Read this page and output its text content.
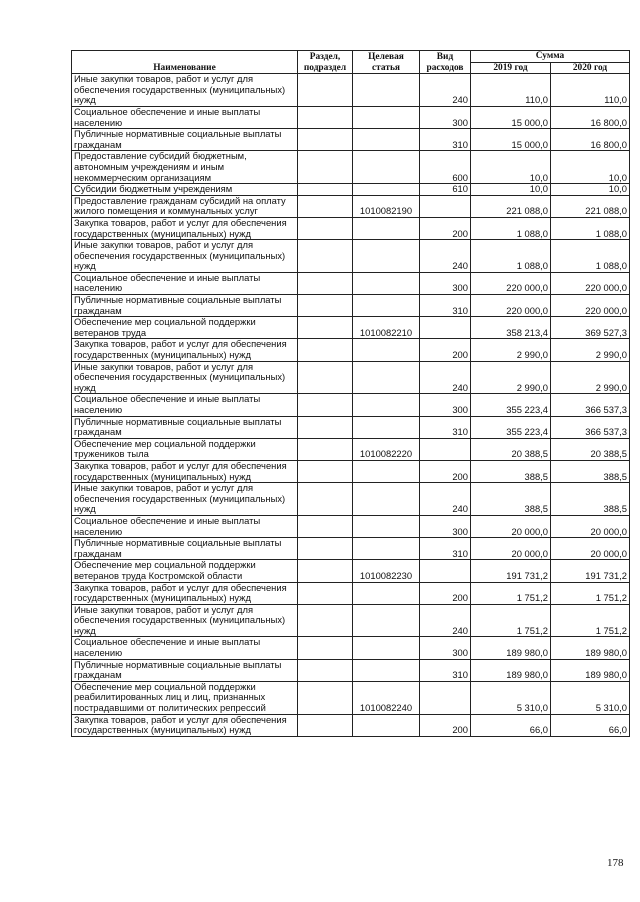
Наименование	Раздел, подраздел	Целевая статья	Вид расходов	Сумма	
				2019 год	2020 год
Иные закупки товаров, работ и услуг для обеспечения государственных (муниципальных) нужд			240	110,0	110,0
Социальное обеспечение и иные выплаты населению			300	15 000,0	16 800,0
Публичные нормативные социальные выплаты гражданам			310	15 000,0	16 800,0
Предоставление субсидий бюджетным, автономным учреждениям и иным некоммерческим организациям			600	10,0	10,0
Субсидии бюджетным учреждениям			610	10,0	10,0
Предоставление гражданам субсидий на оплату жилого помещения и коммунальных услуг		1010082190		221 088,0	221 088,0
Закупка товаров, работ и услуг для обеспечения государственных (муниципальных) нужд			200	1 088,0	1 088,0
Иные закупки товаров, работ и услуг для обеспечения государственных (муниципальных) нужд			240	1 088,0	1 088,0
Социальное обеспечение и иные выплаты населению			300	220 000,0	220 000,0
Публичные нормативные социальные выплаты гражданам			310	220 000,0	220 000,0
Обеспечение мер социальной поддержки ветеранов труда		1010082210		358 213,4	369 527,3
Закупка товаров, работ и услуг для обеспечения государственных (муниципальных) нужд			200	2 990,0	2 990,0
Иные закупки товаров, работ и услуг для обеспечения государственных (муниципальных) нужд			240	2 990,0	2 990,0
Социальное обеспечение и иные выплаты населению			300	355 223,4	366 537,3
Публичные нормативные социальные выплаты гражданам			310	355 223,4	366 537,3
Обеспечение мер социальной поддержки тружеников тыла		1010082220		20 388,5	20 388,5
Закупка товаров, работ и услуг для обеспечения государственных (муниципальных) нужд			200	388,5	388,5
Иные закупки товаров, работ и услуг для обеспечения государственных (муниципальных) нужд			240	388,5	388,5
Социальное обеспечение и иные выплаты населению			300	20 000,0	20 000,0
Публичные нормативные социальные выплаты гражданам			310	20 000,0	20 000,0
Обеспечение мер социальной поддержки ветеранов труда Костромской области		1010082230		191 731,2	191 731,2
Закупка товаров, работ и услуг для обеспечения государственных (муниципальных) нужд			200	1 751,2	1 751,2
Иные закупки товаров, работ и услуг для обеспечения государственных (муниципальных) нужд			240	1 751,2	1 751,2
Социальное обеспечение и иные выплаты населению			300	189 980,0	189 980,0
Публичные нормативные социальные выплаты гражданам			310	189 980,0	189 980,0
Обеспечение мер социальной поддержки реабилитированных лиц и лиц, признанных пострадавшими от политических репрессий		1010082240		5 310,0	5 310,0
Закупка товаров, работ и услуг для обеспечения государственных (муниципальных) нужд			200	66,0	66,0
178
